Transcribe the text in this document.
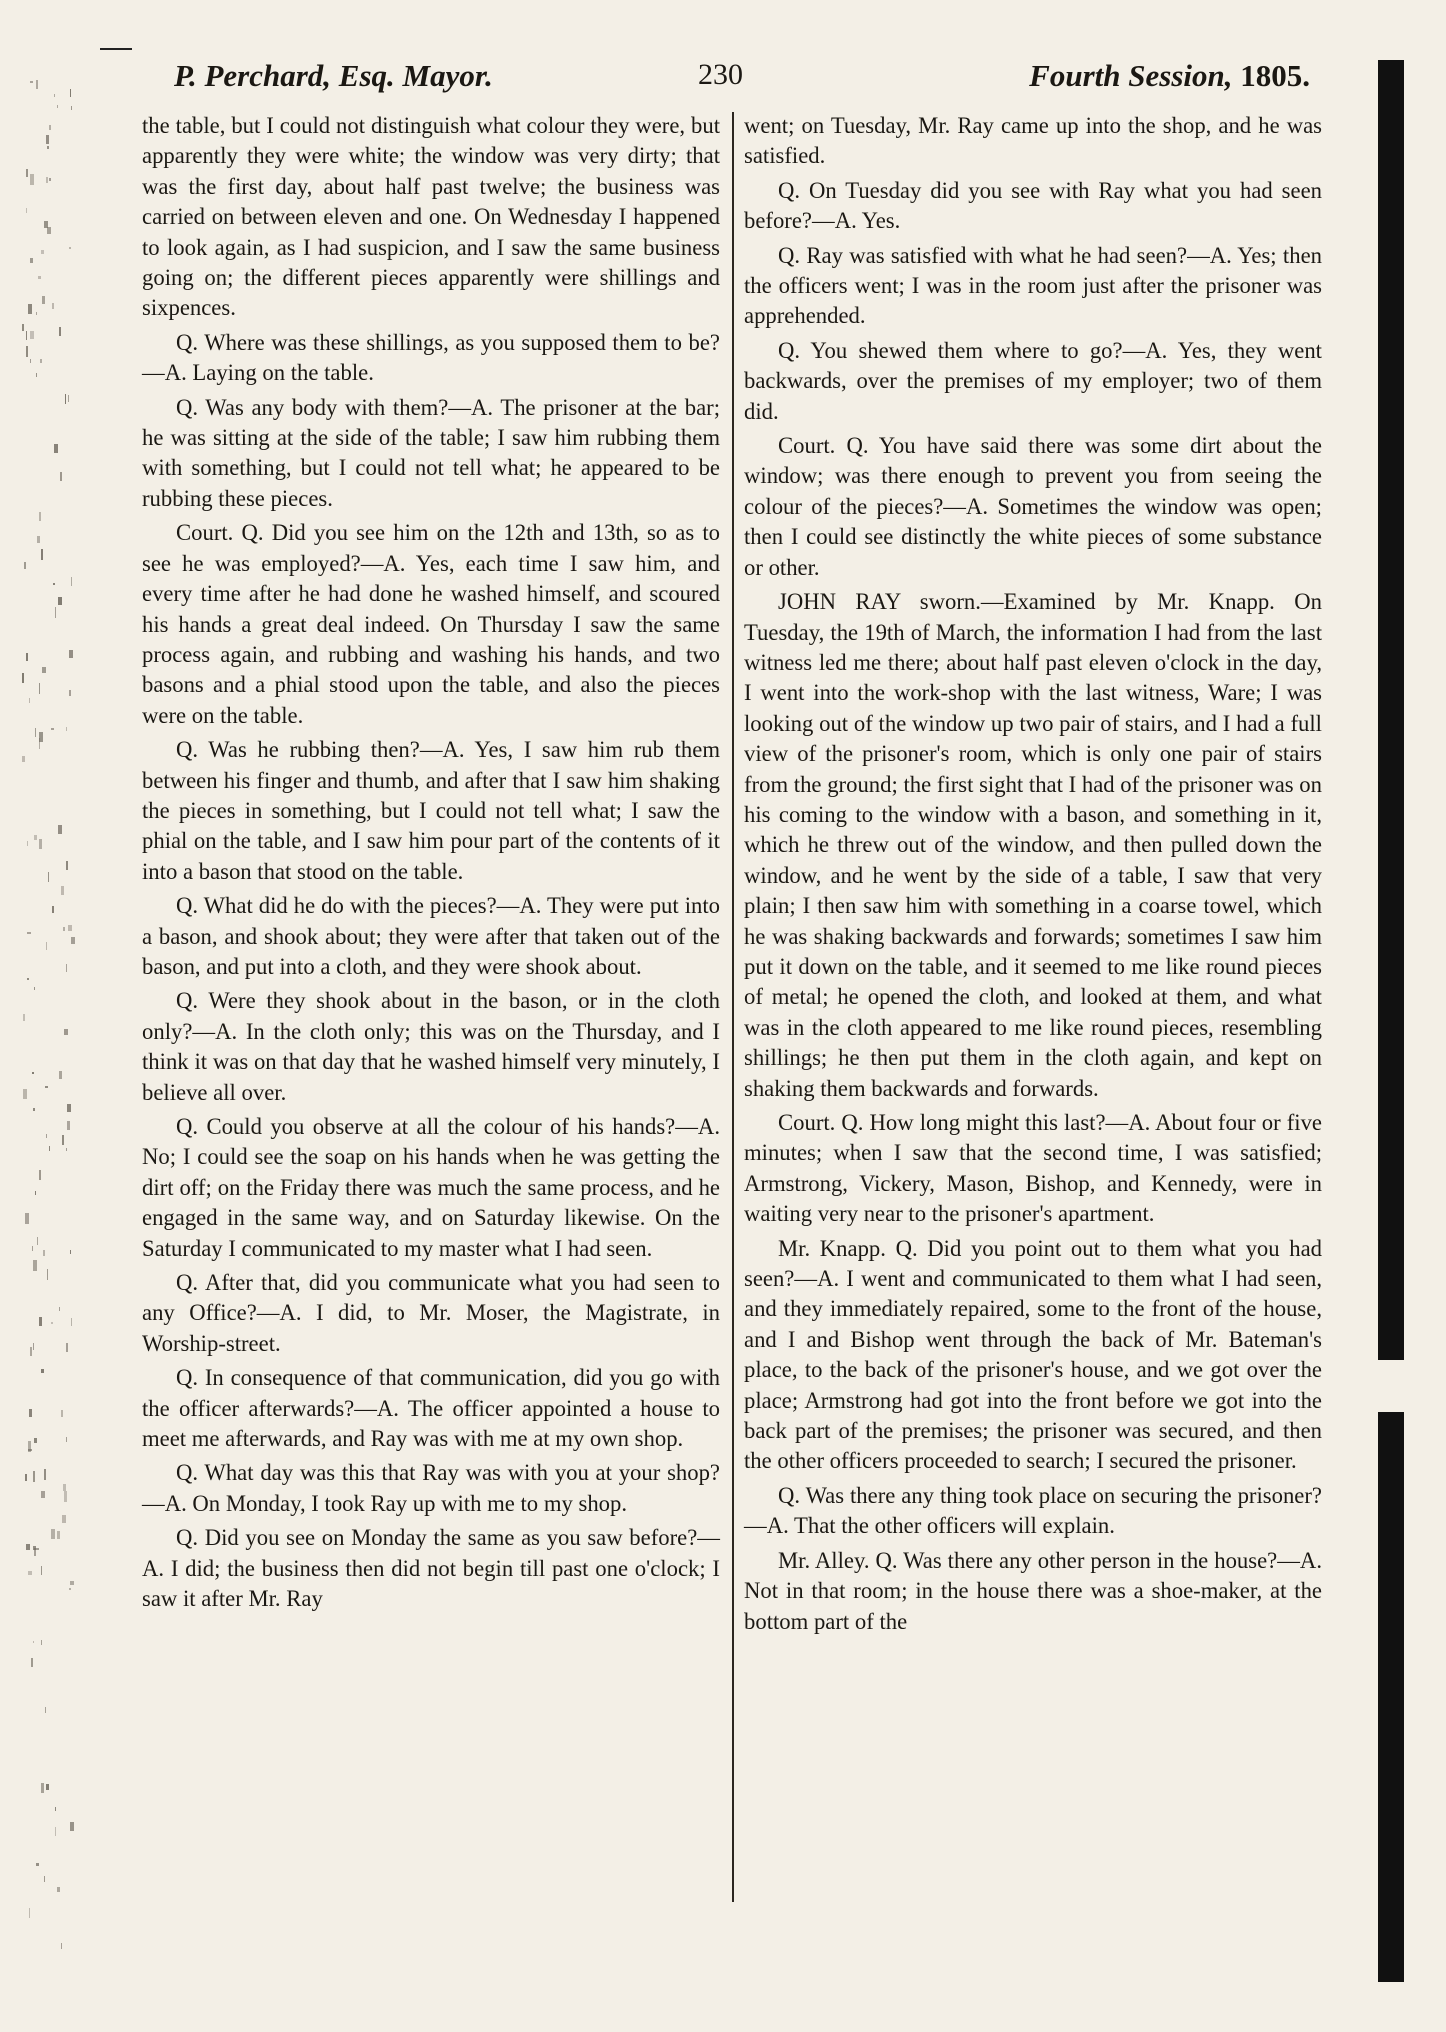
P. Perchard, Esq. Mayor.	230	Fourth Session, 1805.

the table, but I could not distinguish what colour they were, but apparently they were white; the window was very dirty; that was the first day, about half past twelve; the business was carried on between eleven and one. On Wednesday I happened to look again, as I had suspicion, and I saw the same business going on; the different pieces apparently were shillings and sixpences.

Q. Where was these shillings, as you supposed them to be?—A. Laying on the table.

Q. Was any body with them?—A. The prisoner at the bar; he was sitting at the side of the table; I saw him rubbing them with something, but I could not tell what; he appeared to be rubbing these pieces.

Court. Q. Did you see him on the 12th and 13th, so as to see he was employed?—A. Yes, each time I saw him, and every time after he had done he washed himself, and scoured his hands a great deal indeed. On Thursday I saw the same process again, and rubbing and washing his hands, and two basons and a phial stood upon the table, and also the pieces were on the table.

Q. Was he rubbing then?—A. Yes, I saw him rub them between his finger and thumb, and after that I saw him shaking the pieces in something, but I could not tell what; I saw the phial on the table, and I saw him pour part of the contents of it into a bason that stood on the table.

Q. What did he do with the pieces?—A. They were put into a bason, and shook about; they were after that taken out of the bason, and put into a cloth, and they were shook about.

Q. Were they shook about in the bason, or in the cloth only?—A. In the cloth only; this was on the Thursday, and I think it was on that day that he washed himself very minutely, I believe all over.

Q. Could you observe at all the colour of his hands?—A. No; I could see the soap on his hands when he was getting the dirt off; on the Friday there was much the same process, and he engaged in the same way, and on Saturday likewise. On the Saturday I communicated to my master what I had seen.

Q. After that, did you communicate what you had seen to any Office?—A. I did, to Mr. Moser, the Magistrate, in Worship-street.

Q. In consequence of that communication, did you go with the officer afterwards?—A. The officer appointed a house to meet me afterwards, and Ray was with me at my own shop.

Q. What day was this that Ray was with you at your shop?—A. On Monday, I took Ray up with me to my shop.

Q. Did you see on Monday the same as you saw before?—A. I did; the business then did not begin till past one o'clock; I saw it after Mr. Ray

went; on Tuesday, Mr. Ray came up into the shop, and he was satisfied.

Q. On Tuesday did you see with Ray what you had seen before?—A. Yes.

Q. Ray was satisfied with what he had seen?—A. Yes; then the officers went; I was in the room just after the prisoner was apprehended.

Q. You shewed them where to go?—A. Yes, they went backwards, over the premises of my employer; two of them did.

Court. Q. You have said there was some dirt about the window; was there enough to prevent you from seeing the colour of the pieces?—A. Sometimes the window was open; then I could see distinctly the white pieces of some substance or other.

JOHN RAY sworn.—Examined by Mr. Knapp. On Tuesday, the 19th of March, the information I had from the last witness led me there; about half past eleven o'clock in the day, I went into the work-shop with the last witness, Ware; I was looking out of the window up two pair of stairs, and I had a full view of the prisoner's room, which is only one pair of stairs from the ground; the first sight that I had of the prisoner was on his coming to the window with a bason, and something in it, which he threw out of the window, and then pulled down the window, and he went by the side of a table, I saw that very plain; I then saw him with something in a coarse towel, which he was shaking backwards and forwards; sometimes I saw him put it down on the table, and it seemed to me like round pieces of metal; he opened the cloth, and looked at them, and what was in the cloth appeared to me like round pieces, resembling shillings; he then put them in the cloth again, and kept on shaking them backwards and forwards.

Court. Q. How long might this last?—A. About four or five minutes; when I saw that the second time, I was satisfied; Armstrong, Vickery, Mason, Bishop, and Kennedy, were in waiting very near to the prisoner's apartment.

Mr. Knapp. Q. Did you point out to them what you had seen?—A. I went and communicated to them what I had seen, and they immediately repaired, some to the front of the house, and I and Bishop went through the back of Mr. Bateman's place, to the back of the prisoner's house, and we got over the place; Armstrong had got into the front before we got into the back part of the premises; the prisoner was secured, and then the other officers proceeded to search; I secured the prisoner.

Q. Was there any thing took place on securing the prisoner?—A. That the other officers will explain.

Mr. Alley. Q. Was there any other person in the house?—A. Not in that room; in the house there was a shoe-maker, at the bottom part of the
